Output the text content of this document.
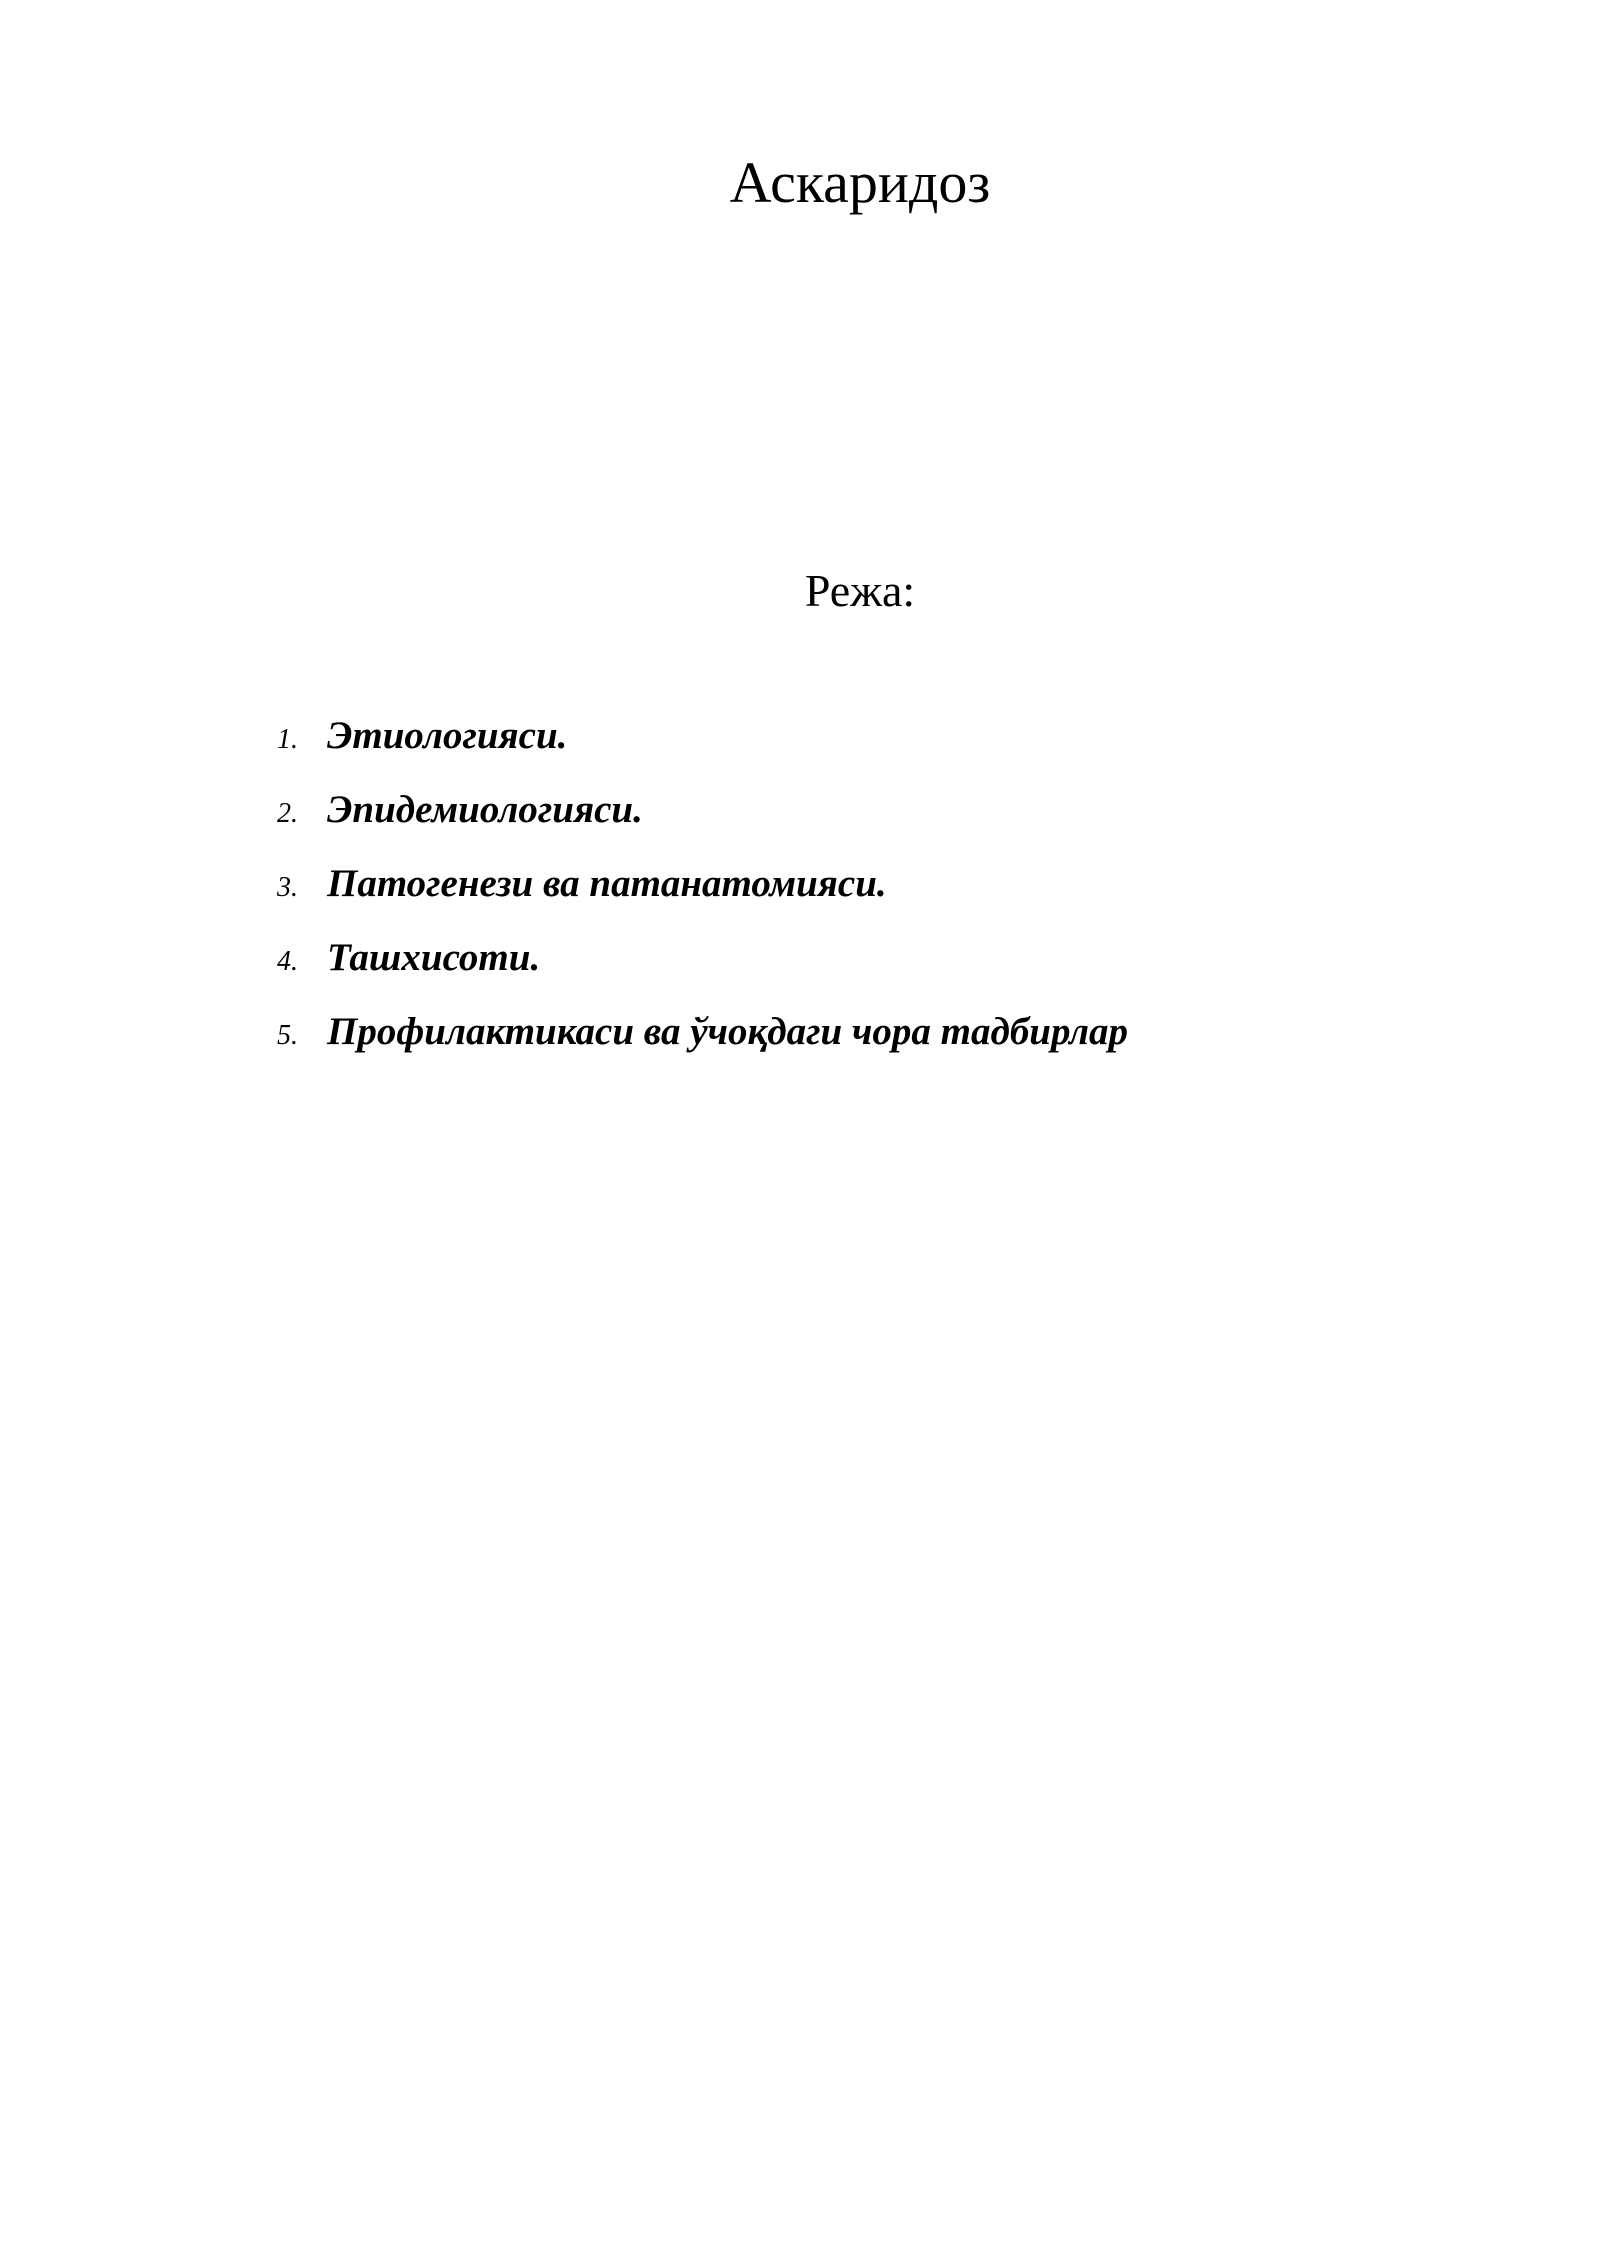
Аскаридоз
Режа:
1. Этиологияси.
2. Эпидемиологияси.
3. Патогенези ва патанатомияси.
4. Ташхисоти.
5. Профилактикаси ва ўчоқдаги чора тадбирлар
